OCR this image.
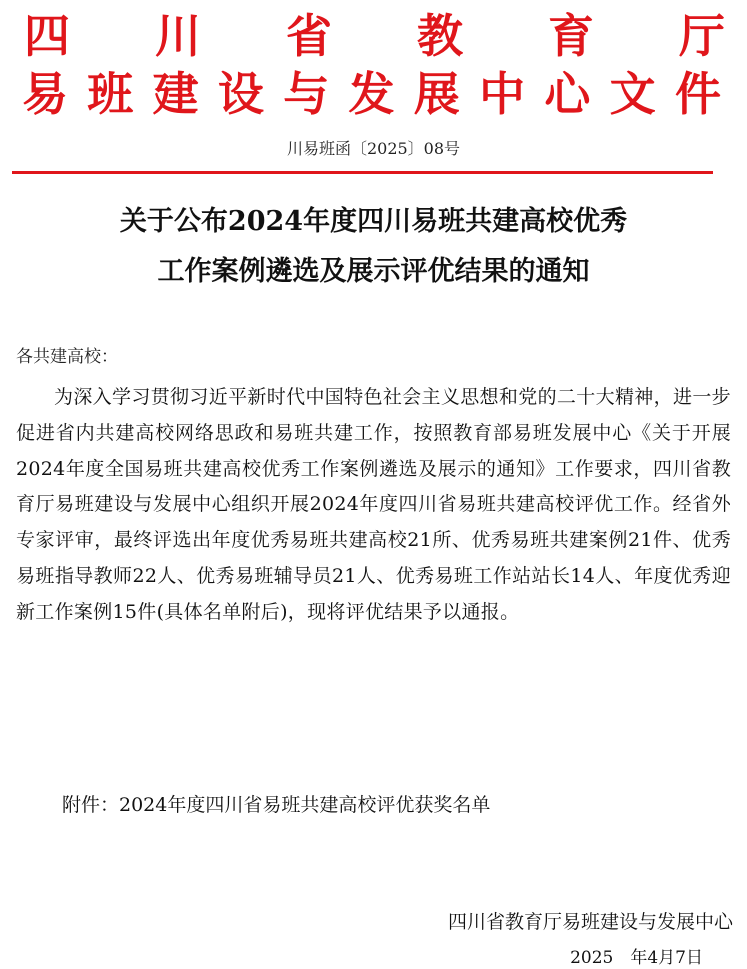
四 川 省 教 育 厅
易 班 建 设 与 发 展 中 心 文 件
川易班函〔2025〕08号
关于公布2024年度四川易班共建高校优秀
工作案例遴选及展示评优结果的通知
各共建高校：
为深入学习贯彻习近平新时代中国特色社会主义思想和党的二十大精神，进一步促进省内共建高校网络思政和易班共建工作，按照教育部易班发展中心《关于开展2024年度全国易班共建高校优秀工作案例遴选及展示的通知》工作要求，四川省教育厅易班建设与发展中心组织开展2024年度四川省易班共建高校评优工作。经省外专家评审，最终评选出年度优秀易班共建高校21所、优秀易班共建案例21件、优秀易班指导教师22人、优秀易班辅导员21人、优秀易班工作站站长14人、年度优秀迎新工作案例15件(具体名单附后)，现将评优结果予以通报。
附件：2024年度四川省易班共建高校评优获奖名单
四川省教育厅易班建设与发展中心
2025　年4月7日
